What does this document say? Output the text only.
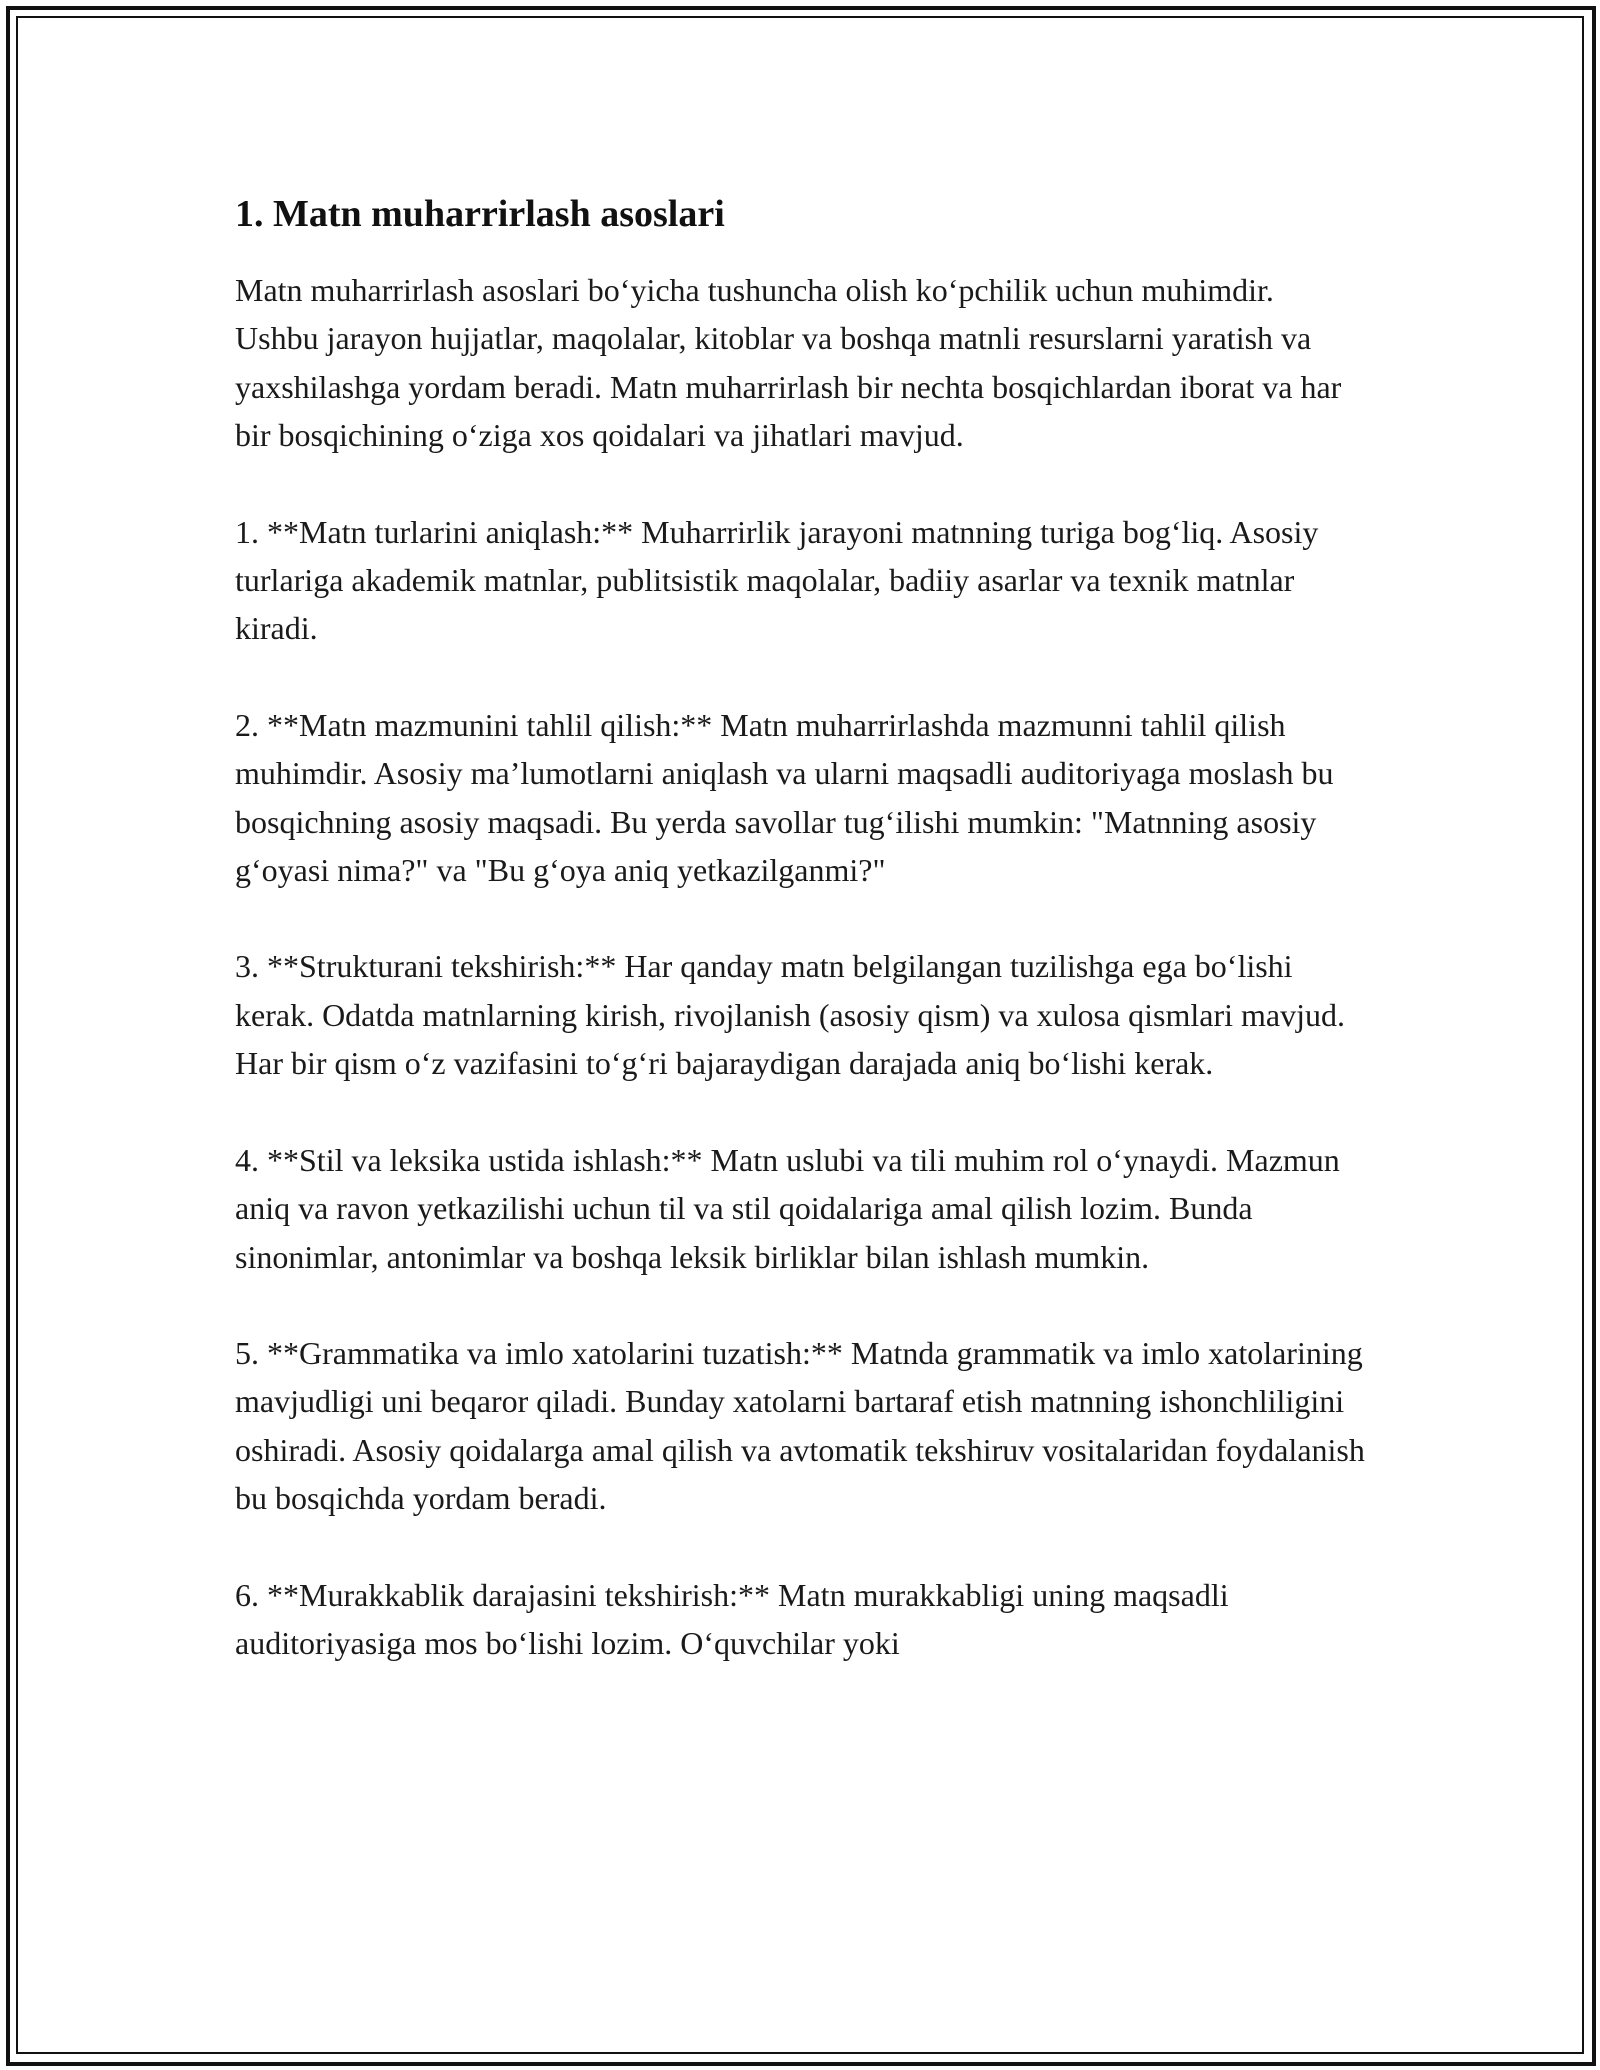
1. Matn muharrirlash asoslari

Matn muharrirlash asoslari bo‘yicha tushuncha olish ko‘pchilik uchun muhimdir. Ushbu jarayon hujjatlar, maqolalar, kitoblar va boshqa matnli resurslarni yaratish va yaxshilashga yordam beradi. Matn muharrirlash bir nechta bosqichlardan iborat va har bir bosqichining o‘ziga xos qoidalari va jihatlari mavjud.

1. **Matn turlarini aniqlash:** Muharrirlik jarayoni matnning turiga bog‘liq. Asosiy turlariga akademik matnlar, publitsistik maqolalar, badiiy asarlar va texnik matnlar kiradi.

2. **Matn mazmunini tahlil qilish:** Matn muharrirlashda mazmunni tahlil qilish muhimdir. Asosiy ma’lumotlarni aniqlash va ularni maqsadli auditoriyaga moslash bu bosqichning asosiy maqsadi. Bu yerda savollar tug‘ilishi mumkin: "Matnning asosiy g‘oyasi nima?" va "Bu g‘oya aniq yetkazilganmi?"

3. **Strukturani tekshirish:** Har qanday matn belgilangan tuzilishga ega bo‘lishi kerak. Odatda matnlarning kirish, rivojlanish (asosiy qism) va xulosa qismlari mavjud. Har bir qism o‘z vazifasini to‘g‘ri bajaraydigan darajada aniq bo‘lishi kerak.

4. **Stil va leksika ustida ishlash:** Matn uslubi va tili muhim rol o‘ynaydi. Mazmun aniq va ravon yetkazilishi uchun til va stil qoidalariga amal qilish lozim. Bunda sinonimlar, antonimlar va boshqa leksik birliklar bilan ishlash mumkin.

5. **Grammatika va imlo xatolarini tuzatish:** Matnda grammatik va imlo xatolarining mavjudligi uni beqaror qiladi. Bunday xatolarni bartaraf etish matnning ishonchliligini oshiradi. Asosiy qoidalarga amal qilish va avtomatik tekshiruv vositalaridan foydalanish bu bosqichda yordam beradi.

6. **Murakkablik darajasini tekshirish:** Matn murakkabligi uning maqsadli auditoriyasiga mos bo‘lishi lozim. O‘quvchilar yoki
